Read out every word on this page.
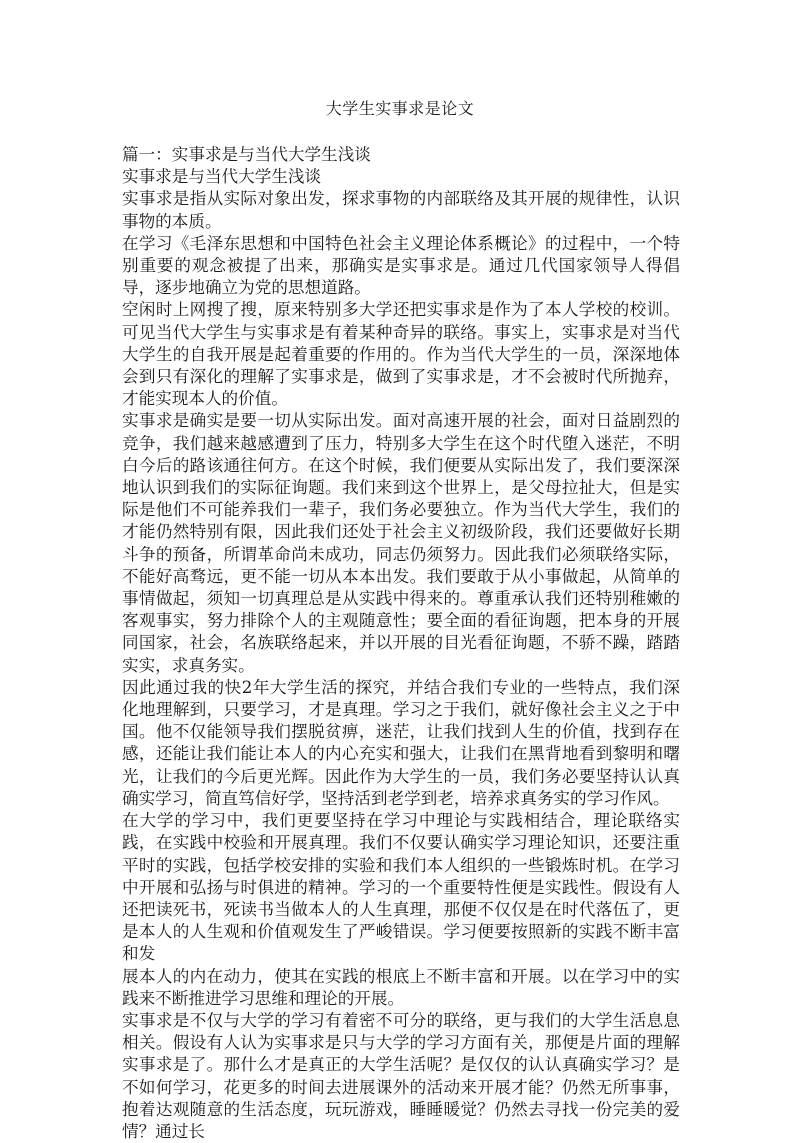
大学生实事求是论文

篇一：实事求是与当代大学生浅谈

实事求是与当代大学生浅谈

实事求是指从实际对象出发，探求事物的内部联络及其开展的规律性，认识事物的本质。

在学习《毛泽东思想和中国特色社会主义理论体系概论》的过程中，一个特别重要的观念被提了出来，那确实是实事求是。通过几代国家领导人得倡导，逐步地确立为党的思想道路。

空闲时上网搜了搜，原来特别多大学还把实事求是作为了本人学校的校训。可见当代大学生与实事求是有着某种奇异的联络。事实上，实事求是对当代大学生的自我开展是起着重要的作用的。作为当代大学生的一员，深深地体会到只有深化的理解了实事求是，做到了实事求是，才不会被时代所抛弃，才能实现本人的价值。

实事求是确实是要一切从实际出发。面对高速开展的社会，面对日益剧烈的竞争，我们越来越感遭到了压力，特别多大学生在这个时代堕入迷茫，不明白今后的路该通往何方。在这个时候，我们便要从实际出发了，我们要深深地认识到我们的实际征询题。我们来到这个世界上，是父母拉扯大，但是实际是他们不可能养我们一辈子，我们务必要独立。作为当代大学生，我们的才能仍然特别有限，因此我们还处于社会主义初级阶段，我们还要做好长期斗争的预备，所谓革命尚未成功，同志仍须努力。因此我们必须联络实际，不能好高骛远，更不能一切从本本出发。我们要敢于从小事做起，从简单的事情做起，须知一切真理总是从实践中得来的。尊重承认我们还特别稚嫩的客观事实，努力排除个人的主观随意性；要全面的看征询题，把本身的开展同国家，社会，名族联络起来，并以开展的目光看征询题，不骄不躁，踏踏实实，求真务实。

因此通过我的快2年大学生活的探究，并结合我们专业的一些特点，我们深化地理解到，只要学习，才是真理。学习之于我们，就好像社会主义之于中国。他不仅能领导我们摆脱贫痹，迷茫，让我们找到人生的价值，找到存在感，还能让我们能让本人的内心充实和强大，让我们在黑背地看到黎明和曙光，让我们的今后更光辉。因此作为大学生的一员，我们务必要坚持认认真确实学习，简直笃信好学，坚持活到老学到老，培养求真务实的学习作风。

在大学的学习中，我们更要坚持在学习中理论与实践相结合，理论联络实践，在实践中校验和开展真理。我们不仅要认确实学习理论知识，还要注重平时的实践，包括学校安排的实验和我们本人组织的一些锻炼时机。在学习中开展和弘扬与时俱进的精神。学习的一个重要特性便是实践性。假设有人还把读死书，死读书当做本人的人生真理，那便不仅仅是在时代落伍了，更是本人的人生观和价值观发生了严峻错误。学习便要按照新的实践不断丰富和发

展本人的内在动力，使其在实践的根底上不断丰富和开展。以在学习中的实践来不断推进学习思维和理论的开展。

实事求是不仅与大学的学习有着密不可分的联络，更与我们的大学生活息息相关。假设有人认为实事求是只与大学的学习方面有关，那便是片面的理解实事求是了。那什么才是真正的大学生活呢？是仅仅的认认真确实学习？是不如何学习，花更多的时间去进展课外的活动来开展才能？仍然无所事事，抱着达观随意的生活态度，玩玩游戏，睡睡暖觉？仍然去寻找一份完美的爱情？通过长
